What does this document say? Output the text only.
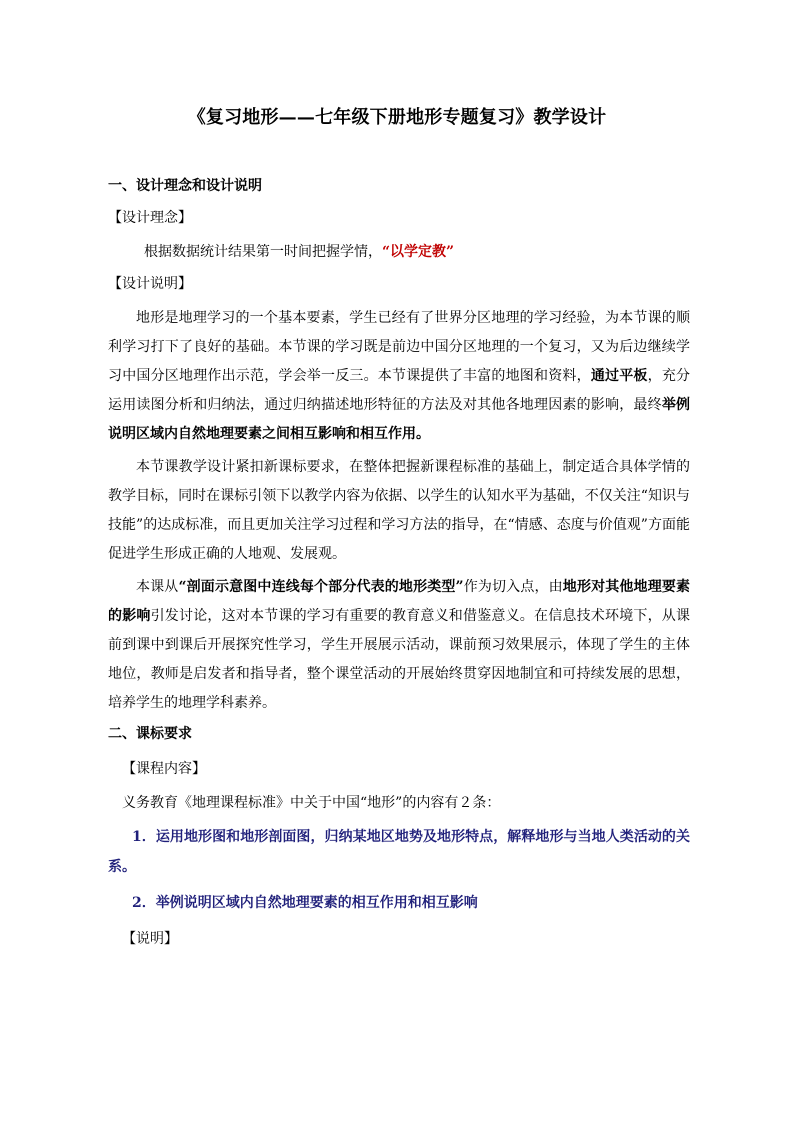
《复习地形——七年级下册地形专题复习》教学设计
一、设计理念和设计说明
【设计理念】
根据数据统计结果第一时间把握学情，“以学定教”
【设计说明】
地形是地理学习的一个基本要素，学生已经有了世界分区地理的学习经验，为本节课的顺利学习打下了良好的基础。本节课的学习既是前边中国分区地理的一个复习，又为后边继续学习中国分区地理作出示范，学会举一反三。本节课提供了丰富的地图和资料，通过平板，充分运用读图分析和归纳法，通过归纳描述地形特征的方法及对其他各地理因素的影响，最终举例说明区域内自然地理要素之间相互影响和相互作用。
本节课教学设计紧扣新课标要求，在整体把握新课程标准的基础上，制定适合具体学情的教学目标，同时在课标引领下以教学内容为依据、以学生的认知水平为基础，不仅关注“知识与技能”的达成标准，而且更加关注学习过程和学习方法的指导，在“情感、态度与价值观”方面能促进学生形成正确的人地观、发展观。
本课从“剖面示意图中连线每个部分代表的地形类型”作为切入点，由地形对其他地理要素的影响引发讨论，这对本节课的学习有重要的教育意义和借鉴意义。在信息技术环境下，从课前到课中到课后开展探究性学习，学生开展展示活动，课前预习效果展示，体现了学生的主体地位，教师是启发者和指导者，整个课堂活动的开展始终贯穿因地制宜和可持续发展的思想，培养学生的地理学科素养。
二、课标要求
【课程内容】
义务教育《地理课程标准》中关于中国“地形”的内容有２条：
1．运用地形图和地形剖面图，归纳某地区地势及地形特点，解释地形与当地人类活动的关系。
2．举例说明区域内自然地理要素的相互作用和相互影响
【说明】
